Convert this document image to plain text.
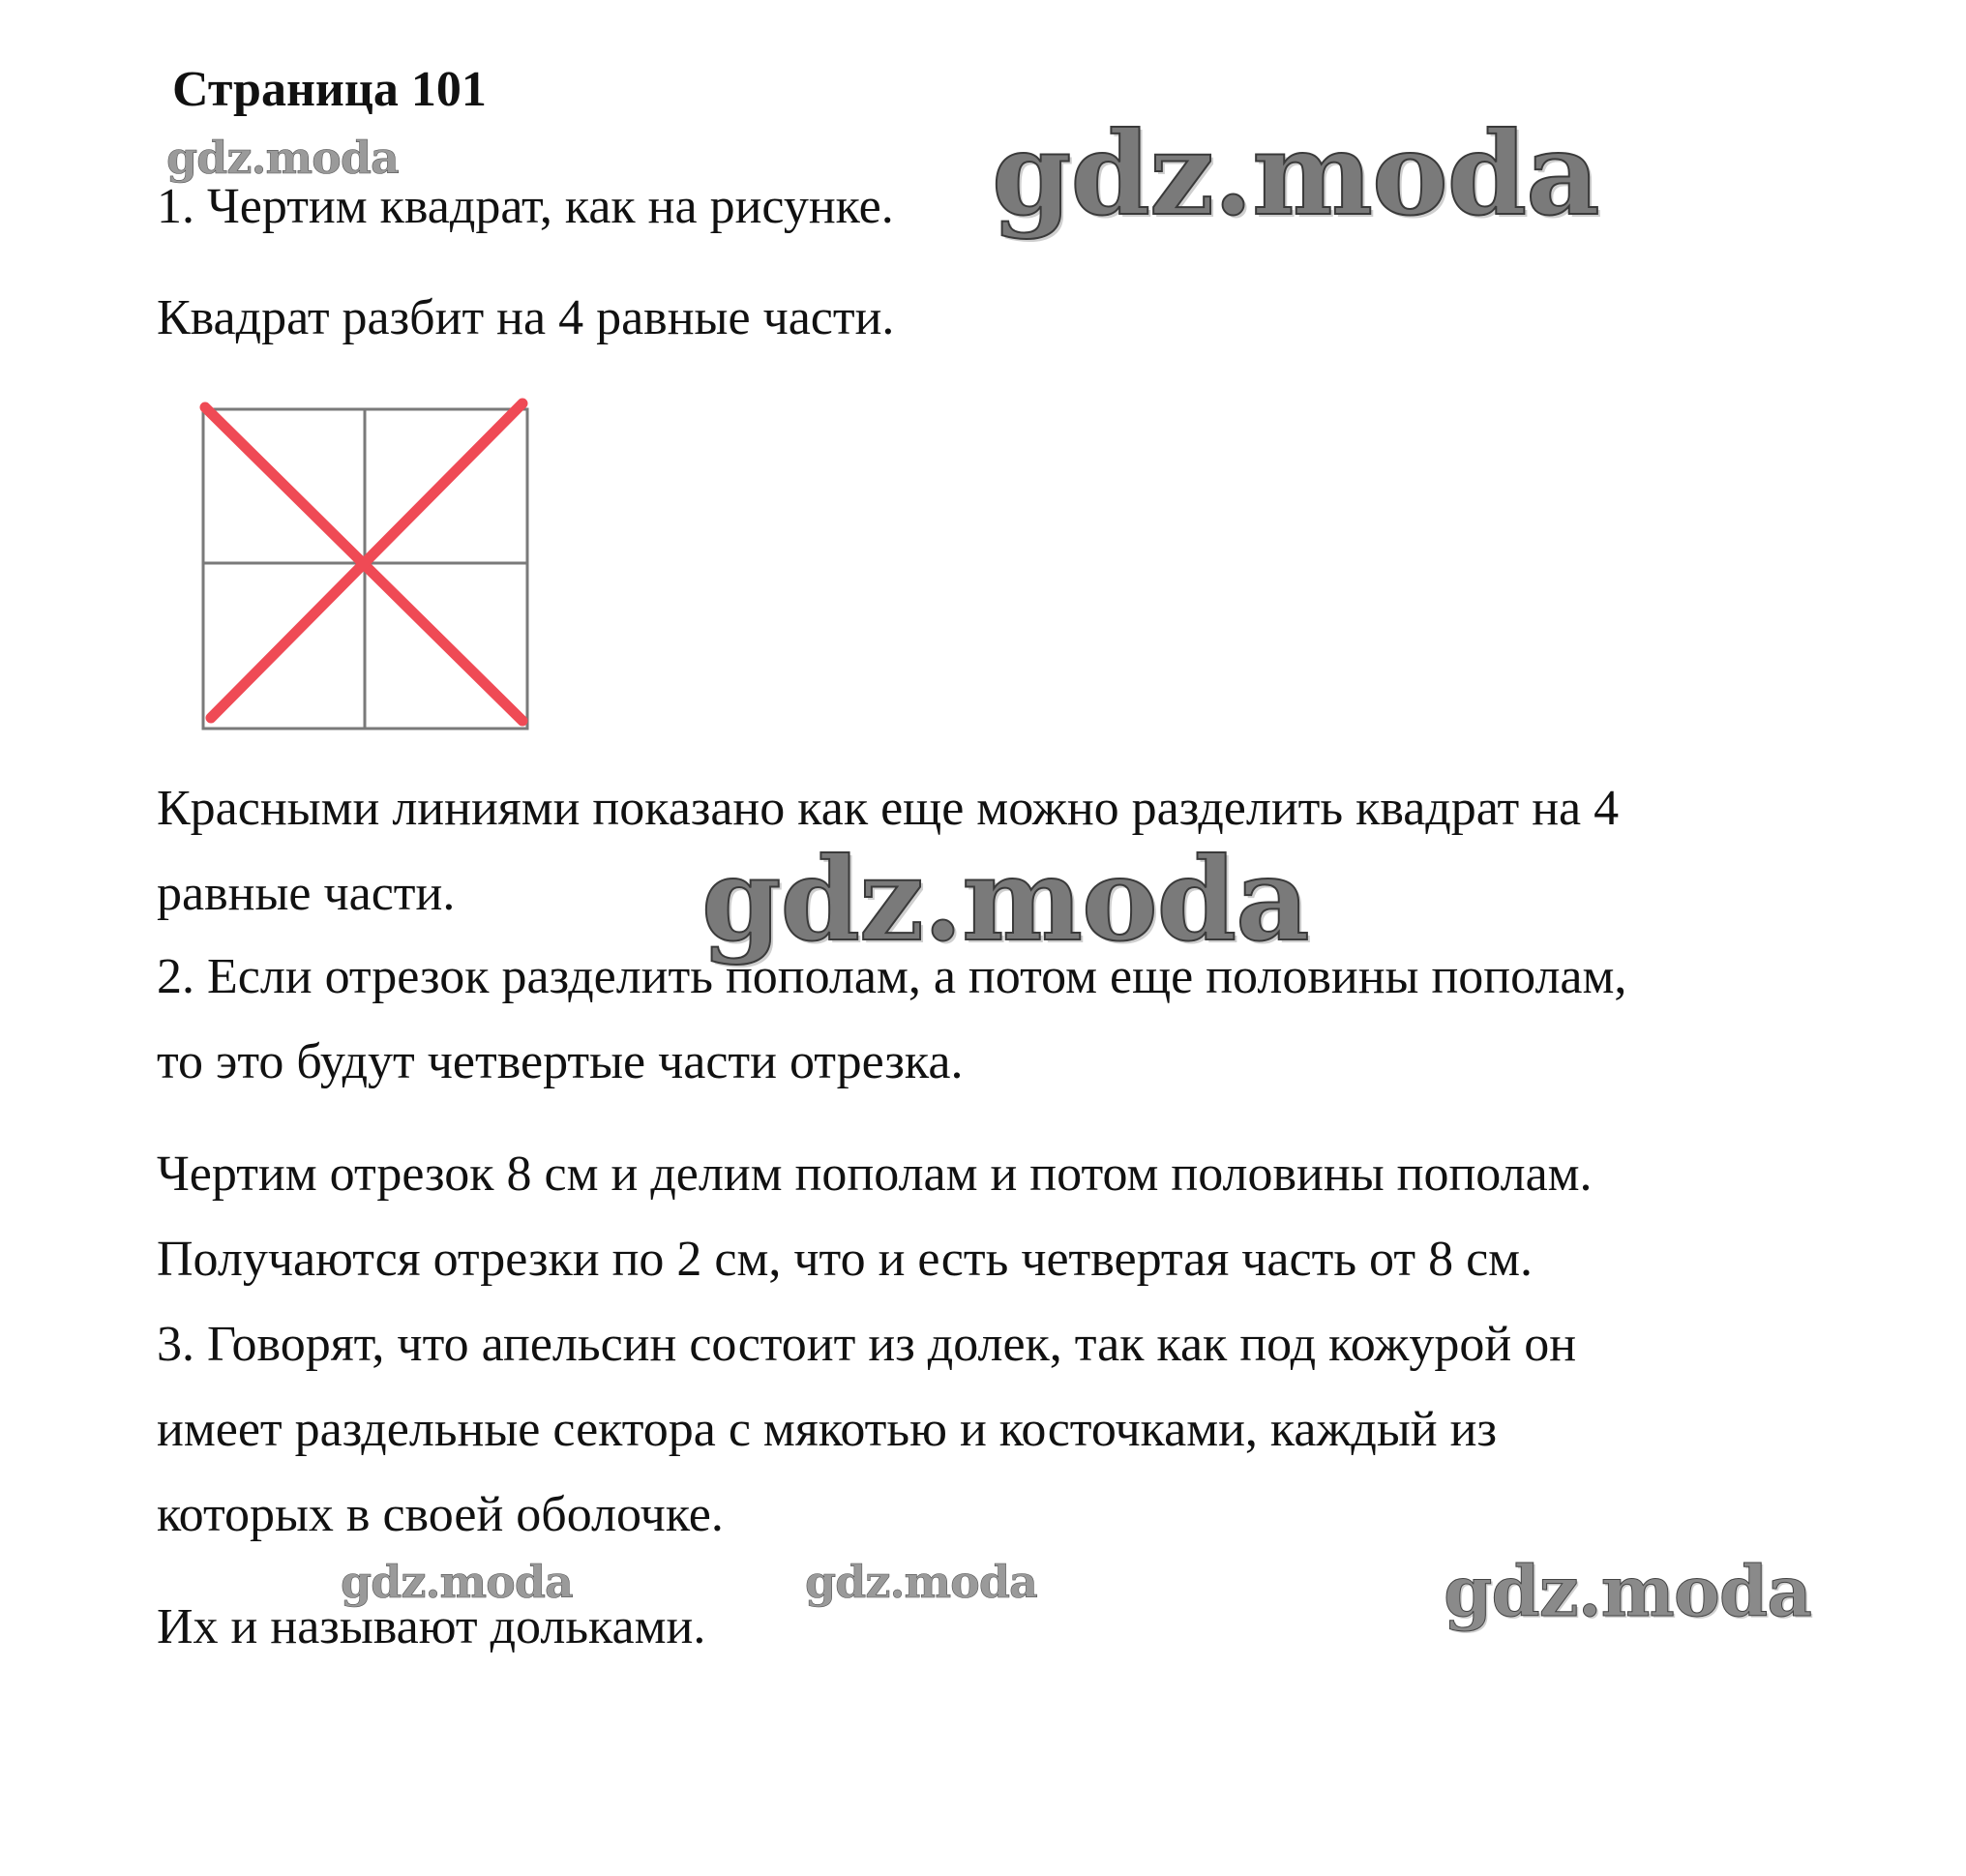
Страница 101
gdz.moda	gdz.moda
1. Чертим квадрат, как на рисунке.
Квадрат разбит на 4 равные части.
Красными линиями показано как еще можно разделить квадрат на 4
равные части. gdz.moda
2. Если отрезок разделить пополам, а потом еще половины пополам,
то это будут четвертые части отрезка.
Чертим отрезок 8 см и делим пополам и потом половины пополам.
Получаются отрезки по 2 см, что и есть четвертая часть от 8 см.
3. Говорят, что апельсин состоит из долек, так как под кожурой он
имеет раздельные сектора с мякотью и косточками, каждый из
которых в своей оболочке.
gdz.moda	gdz.moda	gdz.moda
Их и называют дольками.
